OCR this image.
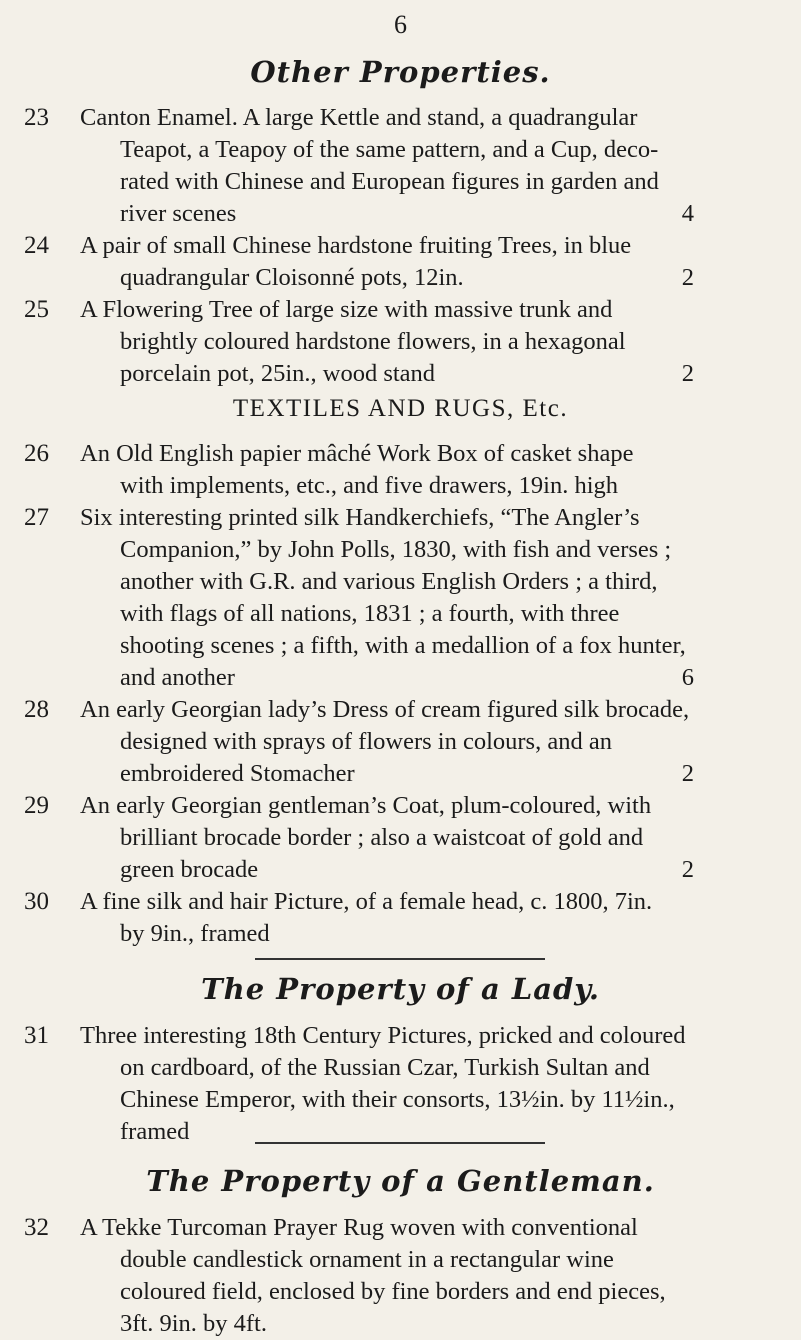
6
Other Properties.
23 Canton Enamel. A large Kettle and stand, a quadrangular
Teapot, a Teapoy of the same pattern, and a Cup, deco-
rated with Chinese and European figures in garden and
river scenes	4
24 A pair of small Chinese hardstone fruiting Trees, in blue
quadrangular Cloisonné pots, 12in.	2
25 A Flowering Tree of large size with massive trunk and
brightly coloured hardstone flowers, in a hexagonal
porcelain pot, 25in., wood stand	2
TEXTILES AND RUGS, Etc.
26 An Old English papier mâché Work Box of casket shape
with implements, etc., and five drawers, 19in. high
27 Six interesting printed silk Handkerchiefs, “The Angler’s
Companion,” by John Polls, 1830, with fish and verses ;
another with G.R. and various English Orders ; a third,
with flags of all nations, 1831 ; a fourth, with three
shooting scenes ; a fifth, with a medallion of a fox hunter,
and another	6
28 An early Georgian lady’s Dress of cream figured silk brocade,
designed with sprays of flowers in colours, and an
embroidered Stomacher	2
29 An early Georgian gentleman’s Coat, plum-coloured, with
brilliant brocade border ; also a waistcoat of gold and
green brocade	2
30 A fine silk and hair Picture, of a female head, c. 1800, 7in.
by 9in., framed
The Property of a Lady.
31 Three interesting 18th Century Pictures, pricked and coloured
on cardboard, of the Russian Czar, Turkish Sultan and
Chinese Emperor, with their consorts, 13½in. by 11½in.,
framed
The Property of a Gentleman.
32 A Tekke Turcoman Prayer Rug woven with conventional
double candlestick ornament in a rectangular wine
coloured field, enclosed by fine borders and end pieces,
3ft. 9in. by 4ft.
